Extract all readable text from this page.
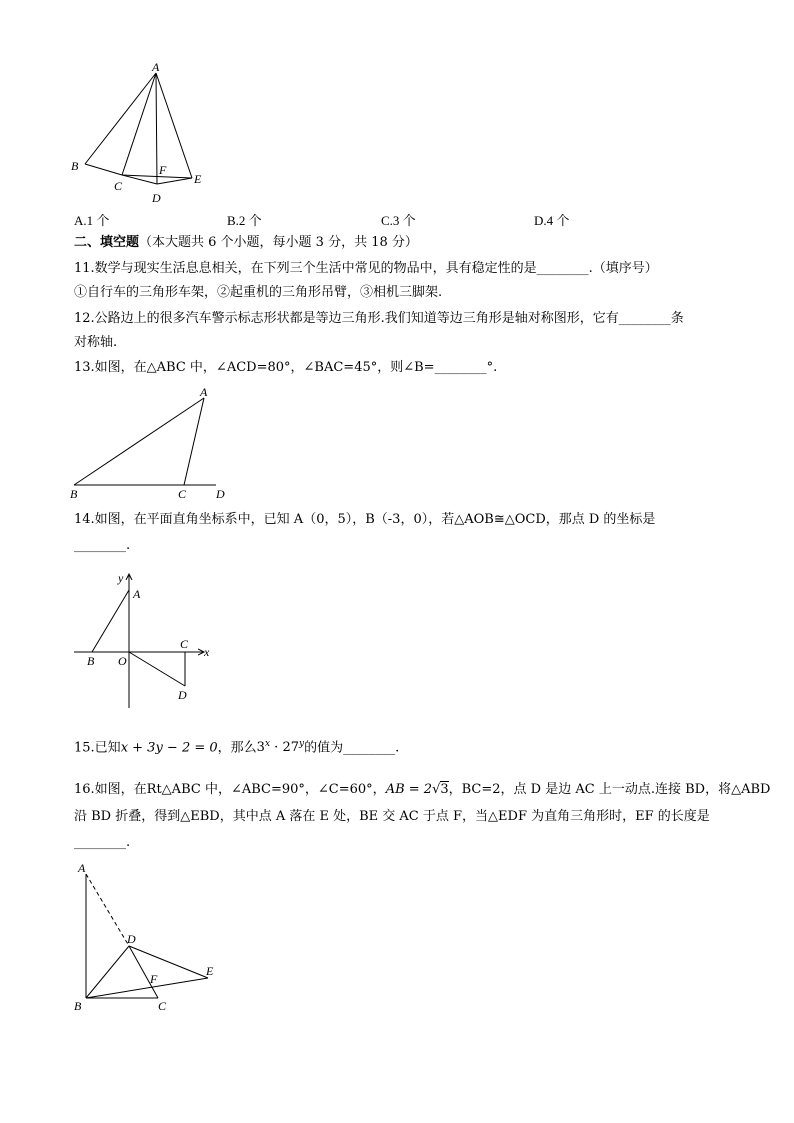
A
B
C
D
E
F
A.1 个	B.2 个	C.3 个	D.4 个
二、填空题（本大题共 6 个小题，每小题 3 分，共 18 分）
11.数学与现实生活息息相关，在下列三个生活中常见的物品中，具有稳定性的是________.（填序号）
①自行车的三角形车架，②起重机的三角形吊臂，③相机三脚架.
12.公路边上的很多汽车警示标志形状都是等边三角形.我们知道等边三角形是轴对称图形，它有________条
对称轴.
13.如图，在△ABC 中，∠ACD=80°，∠BAC=45°，则∠B=________°.
A
B	C D
14.如图，在平面直角坐标系中，已知 A（0，5），B（-3，0），若△AOB≅△OCD，那点 D 的坐标是
________.
y
x
A
B O
C
D
15.已知x + 3y − 2 = 0，那么$3^x \cdot 27^y$的值为________.
16.如图，在Rt△ABC 中，∠ABC=90°，∠C=60°，AB = 2√3，BC=2，点 D 是边 AC 上一动点.连接 BD，将△ABD
沿 BD 折叠，得到△EBD，其中点 A 落在 E 处，BE 交 AC 于点 F，当△EDF 为直角三角形时，EF 的长度是
________.
A
B	C
D
E
F
